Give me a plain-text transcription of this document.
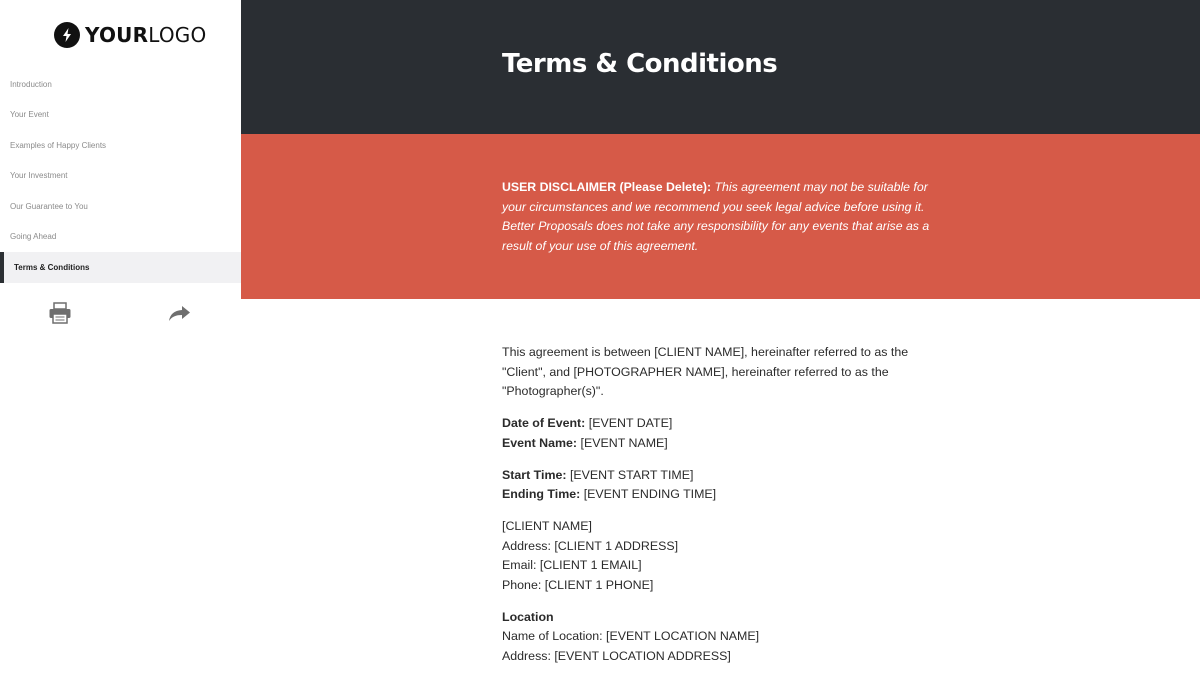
YOURLOGO
Introduction
Your Event
Examples of Happy Clients
Your Investment
Our Guarantee to You
Going Ahead
Terms & Conditions
Terms & Conditions
USER DISCLAIMER (Please Delete): This agreement may not be suitable for your circumstances and we recommend you seek legal advice before using it. Better Proposals does not take any responsibility for any events that arise as a result of your use of this agreement.

This agreement is between [CLIENT NAME], hereinafter referred to as the "Client", and [PHOTOGRAPHER NAME], hereinafter referred to as the "Photographer(s)".

Date of Event: [EVENT DATE]
Event Name: [EVENT NAME]

Start Time: [EVENT START TIME]
Ending Time: [EVENT ENDING TIME]

[CLIENT NAME]
Address: [CLIENT 1 ADDRESS]
Email: [CLIENT 1 EMAIL]
Phone: [CLIENT 1 PHONE]

Location
Name of Location: [EVENT LOCATION NAME]
Address: [EVENT LOCATION ADDRESS]
